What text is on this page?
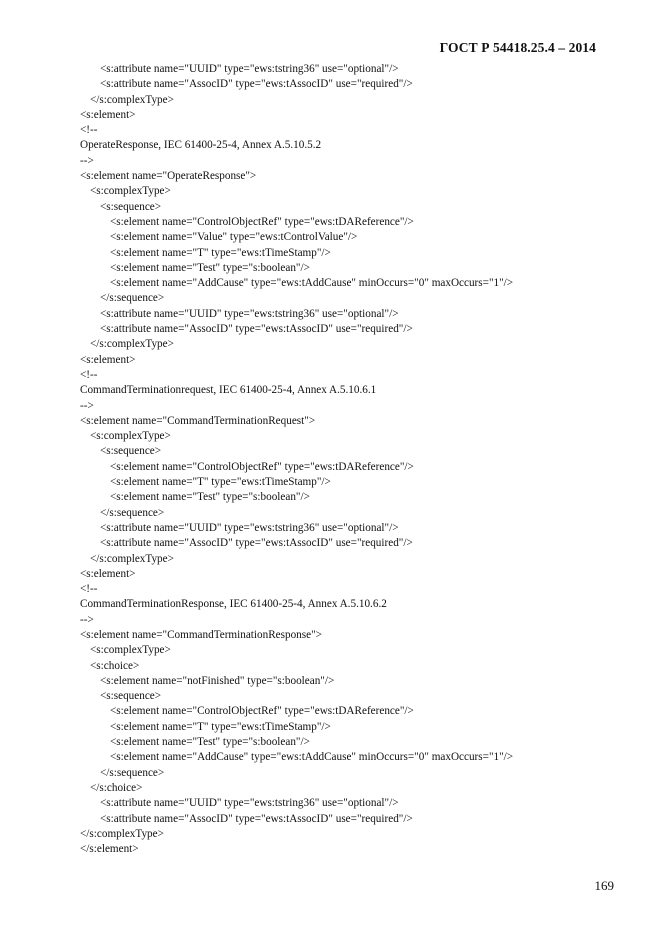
ГОСТ Р 54418.25.4 – 2014
<s:attribute name="UUID" type="ews:tstring36" use="optional"/>
<s:attribute name="AssocID" type="ews:tAssocID" use="required"/>
</s:complexType>
<s:element>
<!--
OperateResponse, IEC 61400-25-4, Annex A.5.10.5.2
-->
<s:element name="OperateResponse">
<s:complexType>
<s:sequence>
<s:element name="ControlObjectRef" type="ews:tDAReference"/>
<s:element name="Value" type="ews:tControlValue"/>
<s:element name="T" type="ews:tTimeStamp"/>
<s:element name="Test" type="s:boolean"/>
<s:element name="AddCause" type="ews:tAddCause" minOccurs="0" maxOccurs="1"/>
</s:sequence>
<s:attribute name="UUID" type="ews:tstring36" use="optional"/>
<s:attribute name="AssocID" type="ews:tAssocID" use="required"/>
</s:complexType>
<s:element>
<!--
CommandTerminationrequest, IEC 61400-25-4, Annex A.5.10.6.1
-->
<s:element name="CommandTerminationRequest">
<s:complexType>
<s:sequence>
<s:element name="ControlObjectRef" type="ews:tDAReference"/>
<s:element name="T" type="ews:tTimeStamp"/>
<s:element name="Test" type="s:boolean"/>
</s:sequence>
<s:attribute name="UUID" type="ews:tstring36" use="optional"/>
<s:attribute name="AssocID" type="ews:tAssocID" use="required"/>
</s:complexType>
<s:element>
<!--
CommandTerminationResponse, IEC 61400-25-4, Annex A.5.10.6.2
-->
<s:element name="CommandTerminationResponse">
<s:complexType>
<s:choice>
<s:element name="notFinished" type="s:boolean"/>
<s:sequence>
<s:element name="ControlObjectRef" type="ews:tDAReference"/>
<s:element name="T" type="ews:tTimeStamp"/>
<s:element name="Test" type="s:boolean"/>
<s:element name="AddCause" type="ews:tAddCause" minOccurs="0" maxOccurs="1"/>
</s:sequence>
</s:choice>
<s:attribute name="UUID" type="ews:tstring36" use="optional"/>
<s:attribute name="AssocID" type="ews:tAssocID" use="required"/>
</s:complexType>
</s:element>
169
